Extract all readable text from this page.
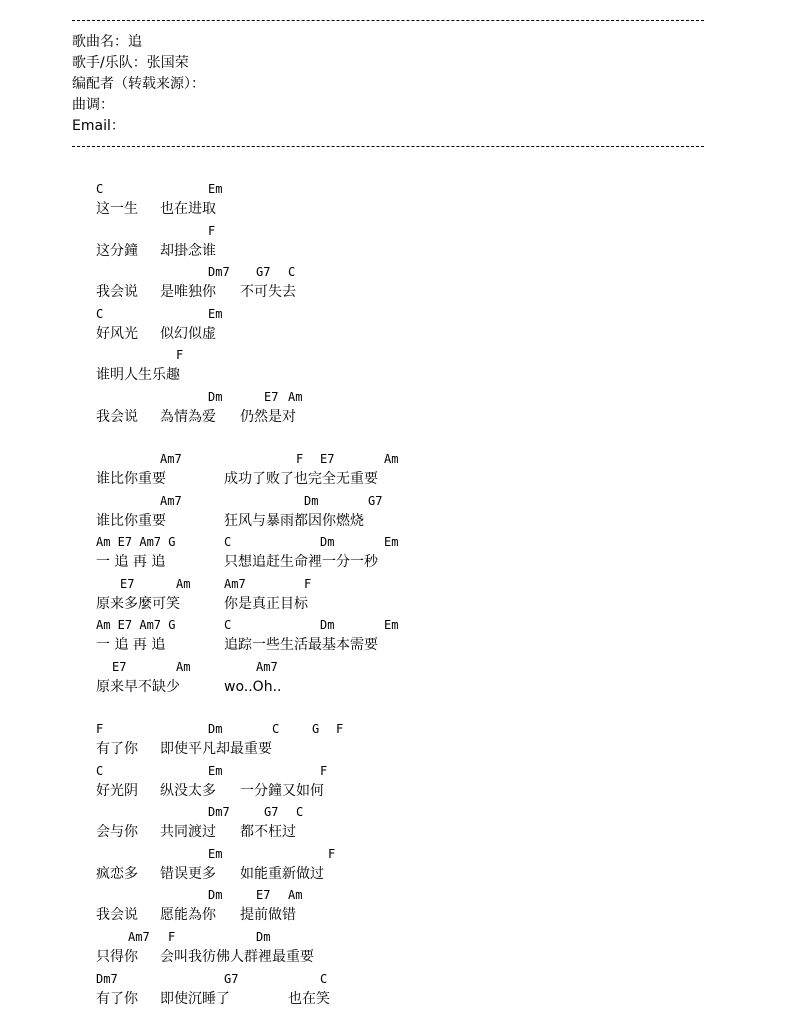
歌曲名：追
歌手/乐队：张国荣
编配者（转载来源）：
曲调：
Email：
C	Em
这一生 也在进取
F
这分鐘 却掛念谁
Dm7 G7 C
我会说 是唯独你 不可失去
C	Em
好风光 似幻似虚
F
谁明人生乐趣
Dm	E7 Am
我会说 為情為爱 仍然是对
Am7	F E7	Am
谁比你重要	成功了败了也完全无重要
Am7	Dm	G7
谁比你重要	狂风与暴雨都因你燃烧
Am E7 Am7 G	C	Dm	Em
一 追 再 追	只想追赶生命裡一分一秒
E7	Am	Am7	F
原来多麼可笑	你是真正目标
Am E7 Am7 G	C	Dm	Em
一 追 再 追	追踪一些生活最基本需要
E7	Am	Am7
原来早不缺少	wo..Oh..
F	Dm	C	G F
有了你 即使平凡却最重要
C	Em	F
好光阴 纵没太多 一分鐘又如何
Dm7	G7 C
会与你 共同渡过 都不枉过
Em	F
疯恋多 错误更多 如能重新做过
Dm	E7 Am
我会说 愿能為你 提前做错
Am7 F	Dm
只得你 会叫我彷佛人群裡最重要
Dm7	G7	C
有了你 即使沉睡了	也在笑
